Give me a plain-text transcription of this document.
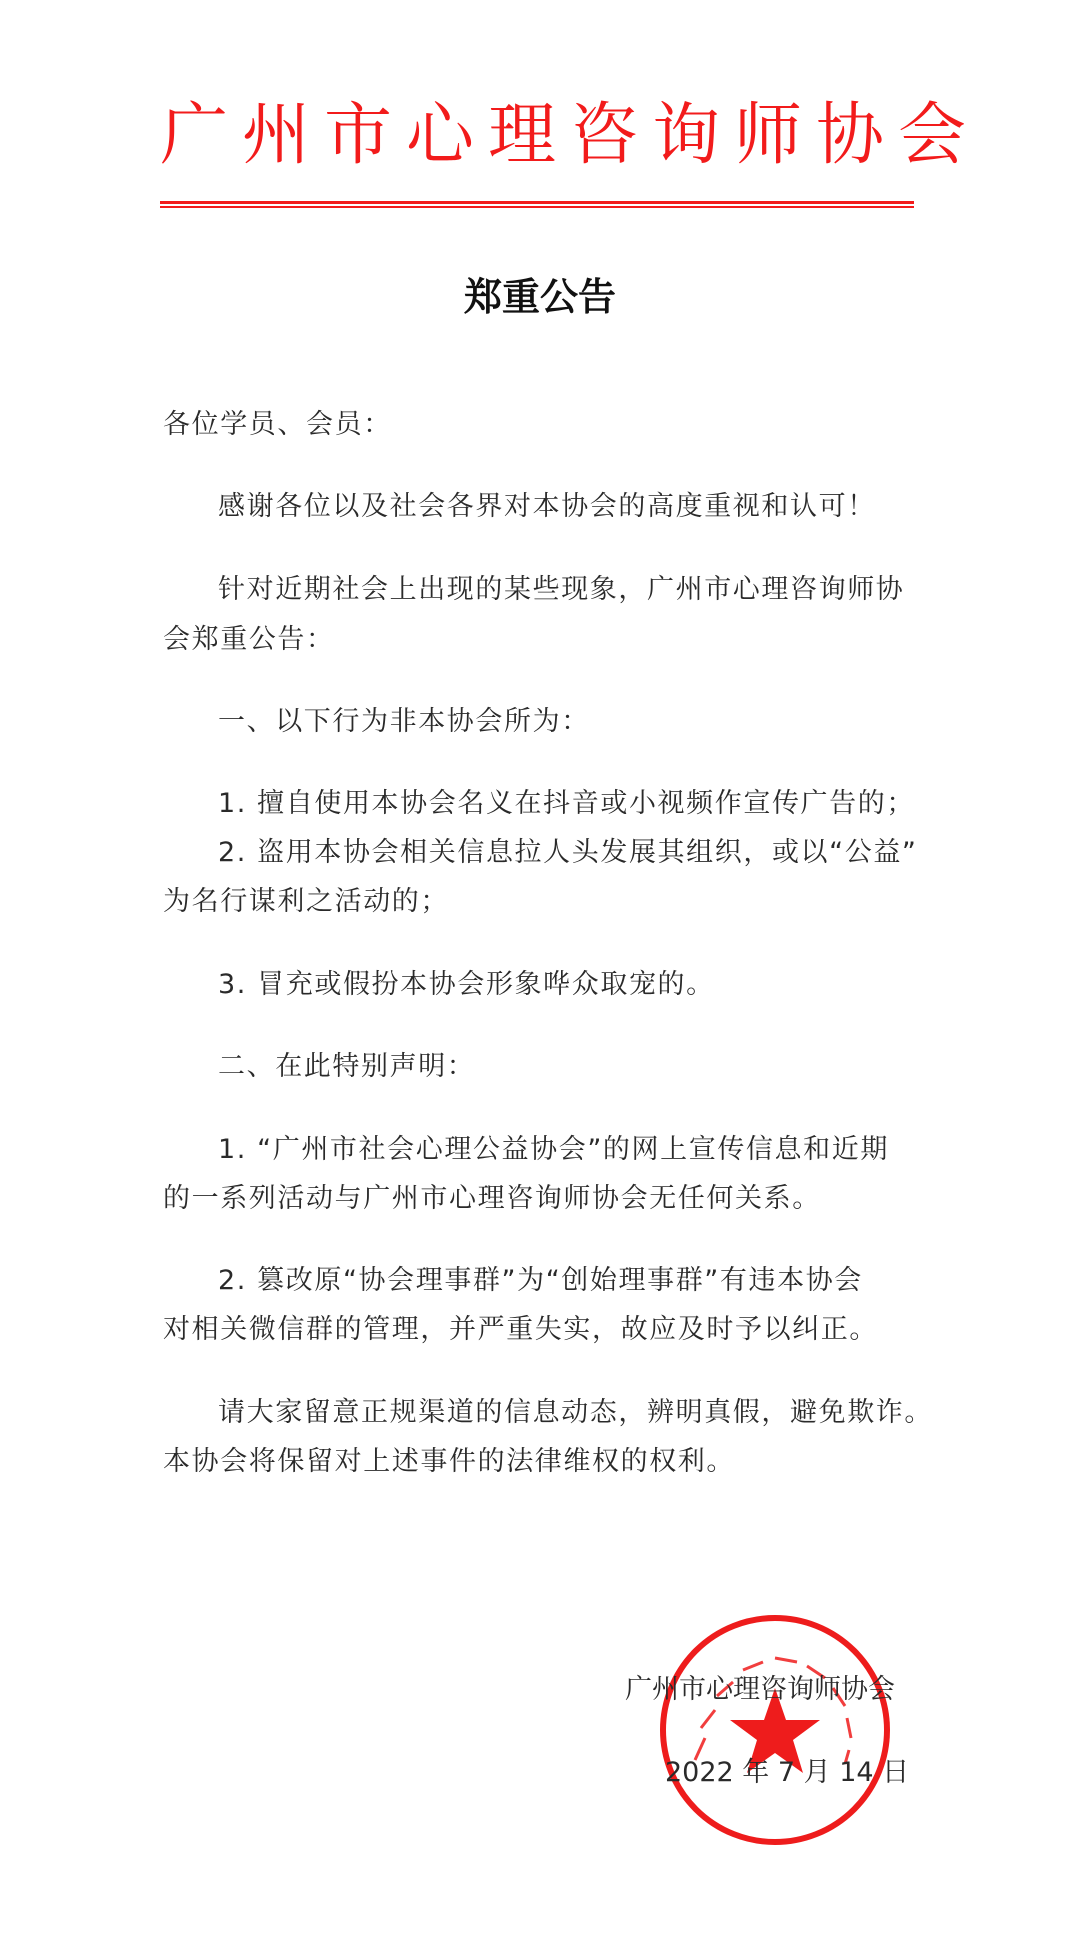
广州市心理咨询师协会
郑重公告
各位学员、会员：
感谢各位以及社会各界对本协会的高度重视和认可！
针对近期社会上出现的某些现象，广州市心理咨询师协
会郑重公告：
一、以下行为非本协会所为：
1. 擅自使用本协会名义在抖音或小视频作宣传广告的；
2. 盗用本协会相关信息拉人头发展其组织，或以“公益”
为名行谋利之活动的；
3. 冒充或假扮本协会形象哗众取宠的。
二、在此特别声明：
1. “广州市社会心理公益协会”的网上宣传信息和近期
的一系列活动与广州市心理咨询师协会无任何关系。
2. 篡改原“协会理事群”为“创始理事群”有违本协会
对相关微信群的管理，并严重失实，故应及时予以纠正。
请大家留意正规渠道的信息动态，辨明真假，避免欺诈。
本协会将保留对上述事件的法律维权的权利。
广州市心理咨询师协会
2022 年 7 月 14 日
